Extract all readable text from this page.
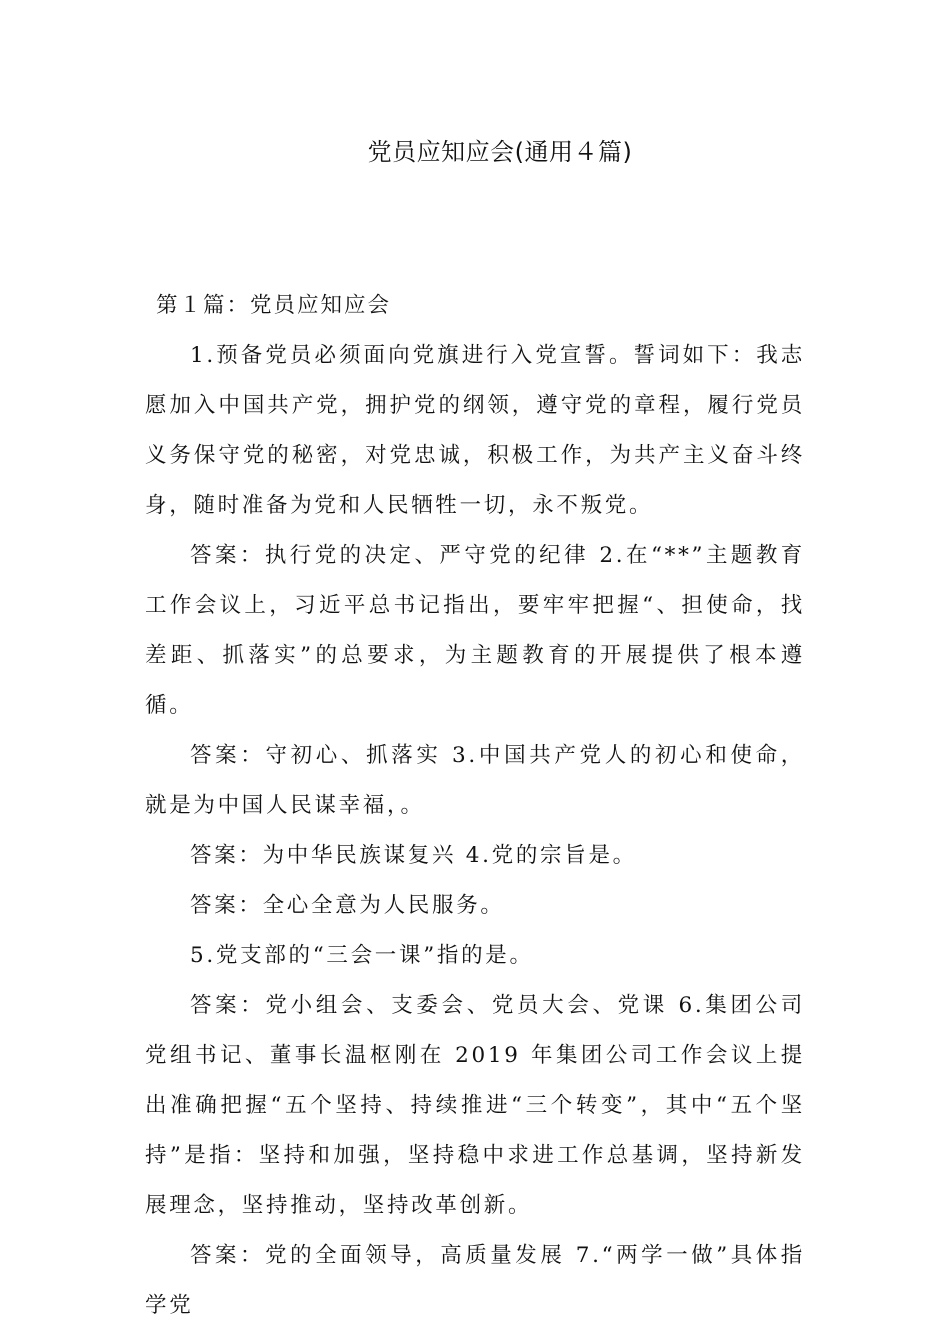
党员应知应会(通用４篇)

第１篇：党员应知应会

1.预备党员必须面向党旗进行入党宣誓。誓词如下：我志愿加入中国共产党，拥护党的纲领，遵守党的章程，履行党员义务保守党的秘密，对党忠诚，积极工作，为共产主义奋斗终身，随时准备为党和人民牺牲一切，永不叛党。

答案：执行党的决定、严守党的纪律 2.在“**”主题教育工作会议上，习近平总书记指出，要牢牢把握“、担使命，找差距、抓落实”的总要求，为主题教育的开展提供了根本遵循。

答案：守初心、抓落实 3.中国共产党人的初心和使命，就是为中国人民谋幸福，。

答案：为中华民族谋复兴 4.党的宗旨是。

答案：全心全意为人民服务。

5.党支部的“三会一课”指的是。

答案：党小组会、支委会、党员大会、党课 6.集团公司党组书记、董事长温枢刚在 2019 年集团公司工作会议上提出准确把握“五个坚持、持续推进“三个转变”，其中“五个坚持”是指：坚持和加强，坚持稳中求进工作总基调，坚持新发展理念，坚持推动，坚持改革创新。

答案：党的全面领导，高质量发展 7.“两学一做”具体指学党
